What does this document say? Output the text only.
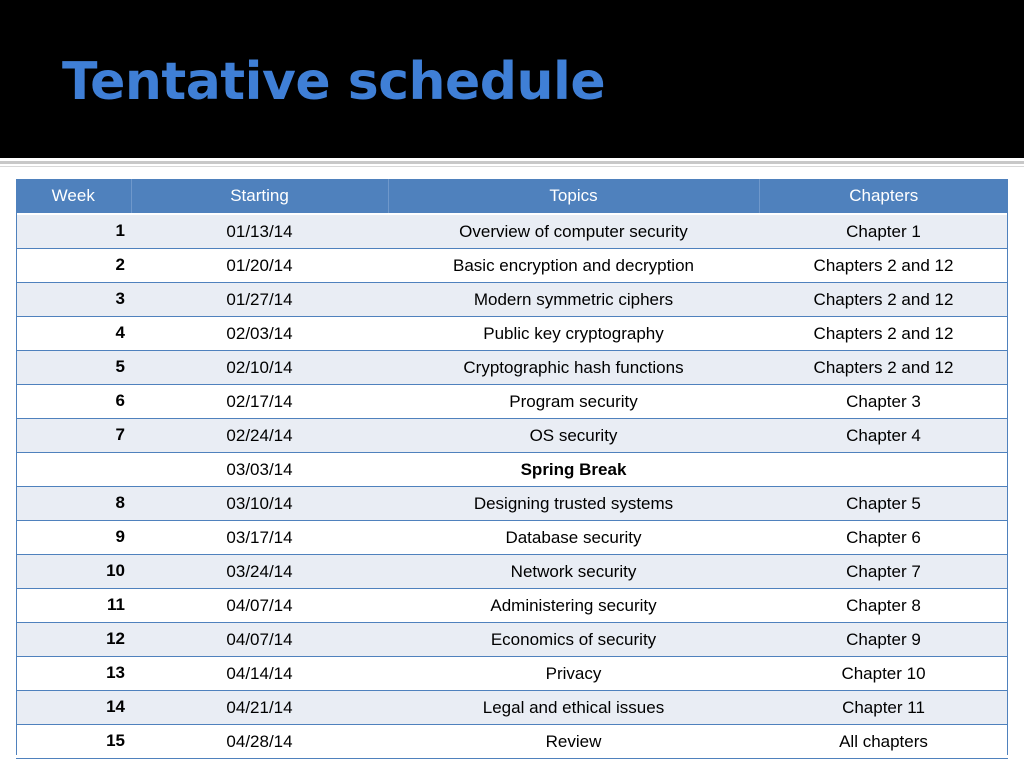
Tentative schedule
Week	Starting	Topics	Chapters
1	01/13/14	Overview of computer security	Chapter 1
2	01/20/14	Basic encryption and decryption	Chapters 2 and 12
3	01/27/14	Modern symmetric ciphers	Chapters 2 and 12
4	02/03/14	Public key cryptography	Chapters 2 and 12
5	02/10/14	Cryptographic hash functions	Chapters 2 and 12
6	02/17/14	Program security	Chapter 3
7	02/24/14	OS security	Chapter 4
	03/03/14	Spring Break	
8	03/10/14	Designing trusted systems	Chapter 5
9	03/17/14	Database security	Chapter 6
10	03/24/14	Network security	Chapter 7
11	04/07/14	Administering security	Chapter 8
12	04/07/14	Economics of security	Chapter 9
13	04/14/14	Privacy	Chapter 10
14	04/21/14	Legal and ethical issues	Chapter 11
15	04/28/14	Review	All chapters
